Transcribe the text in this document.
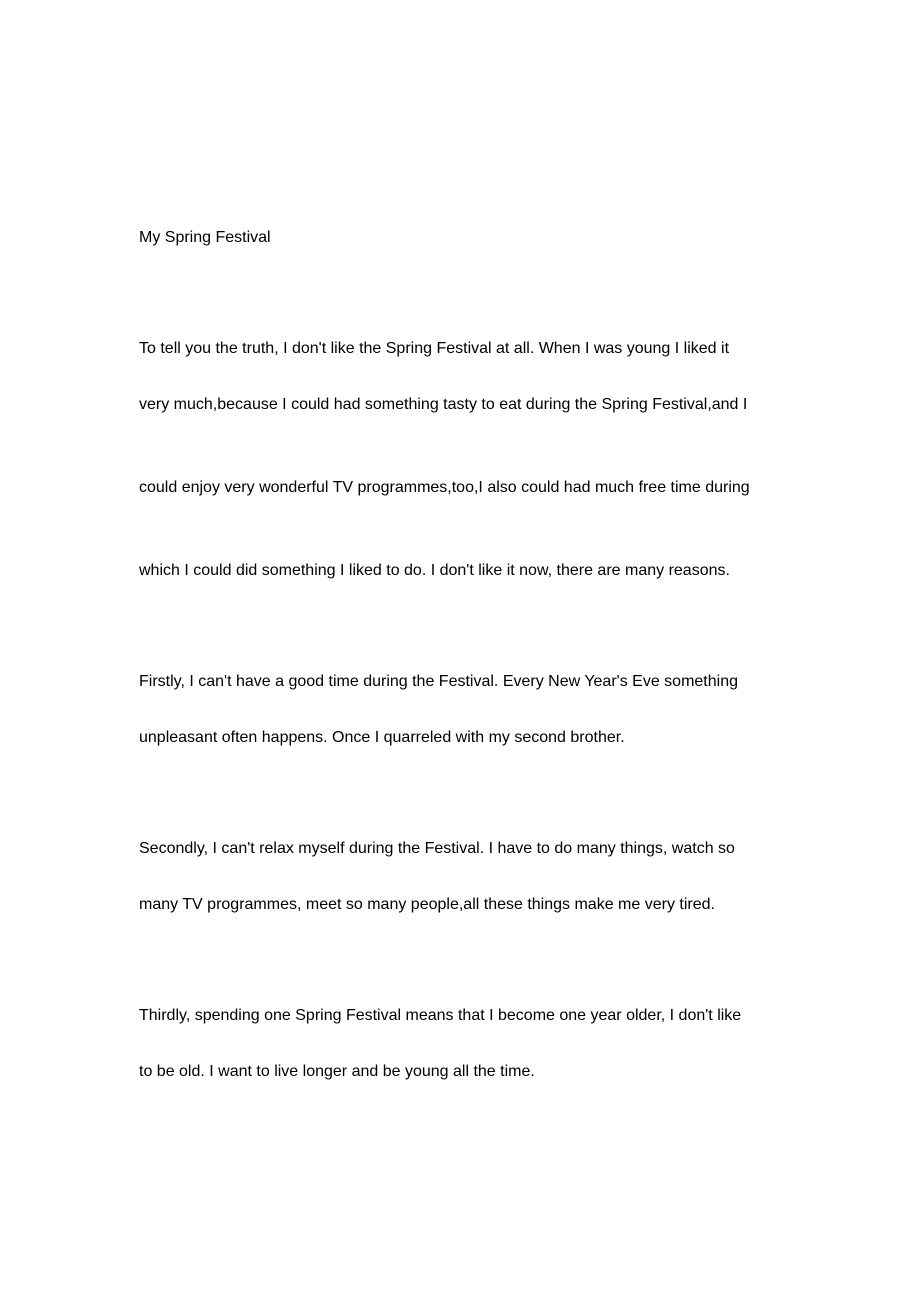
My Spring Festival
To tell you the truth, I don't like the Spring Festival at all. When I was young I liked it
very much,because I could had something tasty to eat during the Spring Festival,and I
could enjoy very wonderful TV programmes,too,I also could had much free time during
which I could did something I liked to do. I don't like it now, there are many reasons.
Firstly, I can't have a good time during the Festival. Every New Year's Eve something
unpleasant often happens. Once I quarreled with my second brother.
Secondly, I can't relax myself during the Festival. I have to do many things, watch so
many TV programmes, meet so many people,all these things make me very tired.
Thirdly, spending one Spring Festival means that I become one year older, I don't like
to be old. I want to live longer and be young all the time.
